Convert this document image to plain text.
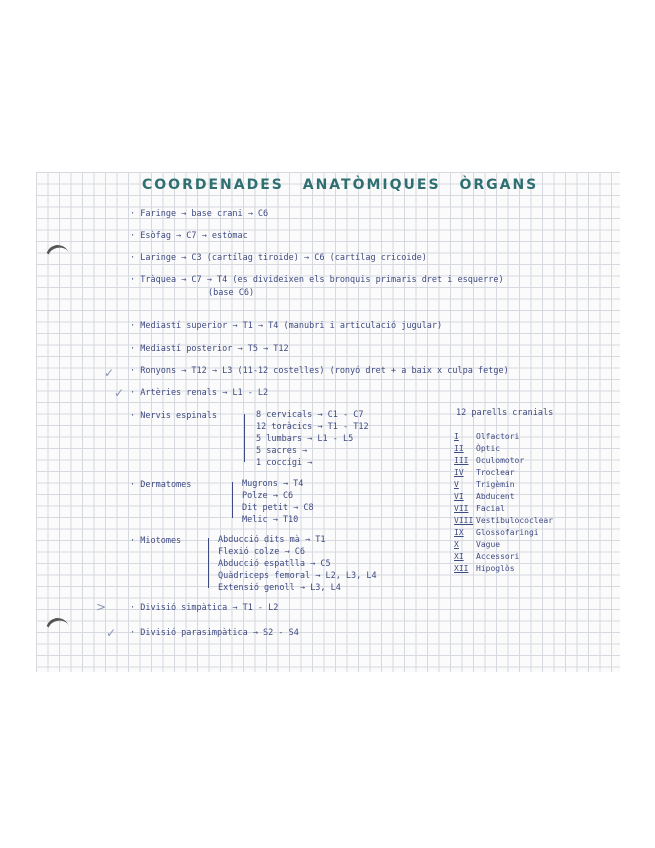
✓
✓
>
✓
COORDENADES ANATÒMIQUES ÒRGANS
· Faringe → base crani → C6
· Esòfag → C7 → estòmac
· Laringe → C3 (cartílag tiroide) → C6 (cartílag cricoide)
· Tràquea → C7 → T4 (es divideixen els bronquis primaris dret i esquerre)
(base C6)
· Mediastí superior → T1 → T4 (manubri i articulació jugular)
· Mediastí posterior → T5 → T12
· Ronyons → T12 → L3 (11-12 costelles) (ronyó dret + a baix x culpa fetge)
· Artèries renals → L1 - L2
· Nervis espinals
· Dermatomes
· Miotomes
· Divisió simpàtica → T1 - L2
· Divisió parasimpàtica → S2 - S4
8 cervicals → C1 - C7
12 toràcics → T1 - T12
5 lumbars → L1 - L5
5 sacres →
1 coccígi →
Mugrons → T4
Polze → C6
Dit petit → C8
Melic → T10
Abducció dits mà → T1
Flexió colze → C6
Abducció espatlla → C5
Quàdriceps femoral → L2, L3, L4
Extensió genoll → L3, L4
12 parells cranials
I Olfactori
II Òptic
III Oculomotor
IV Troclear
V Trigèmin
VI Abducent
VII Facial
VIII Vestibulococlear
IX Glossofaringi
X Vague
XI Accessori
XII Hipoglòs
